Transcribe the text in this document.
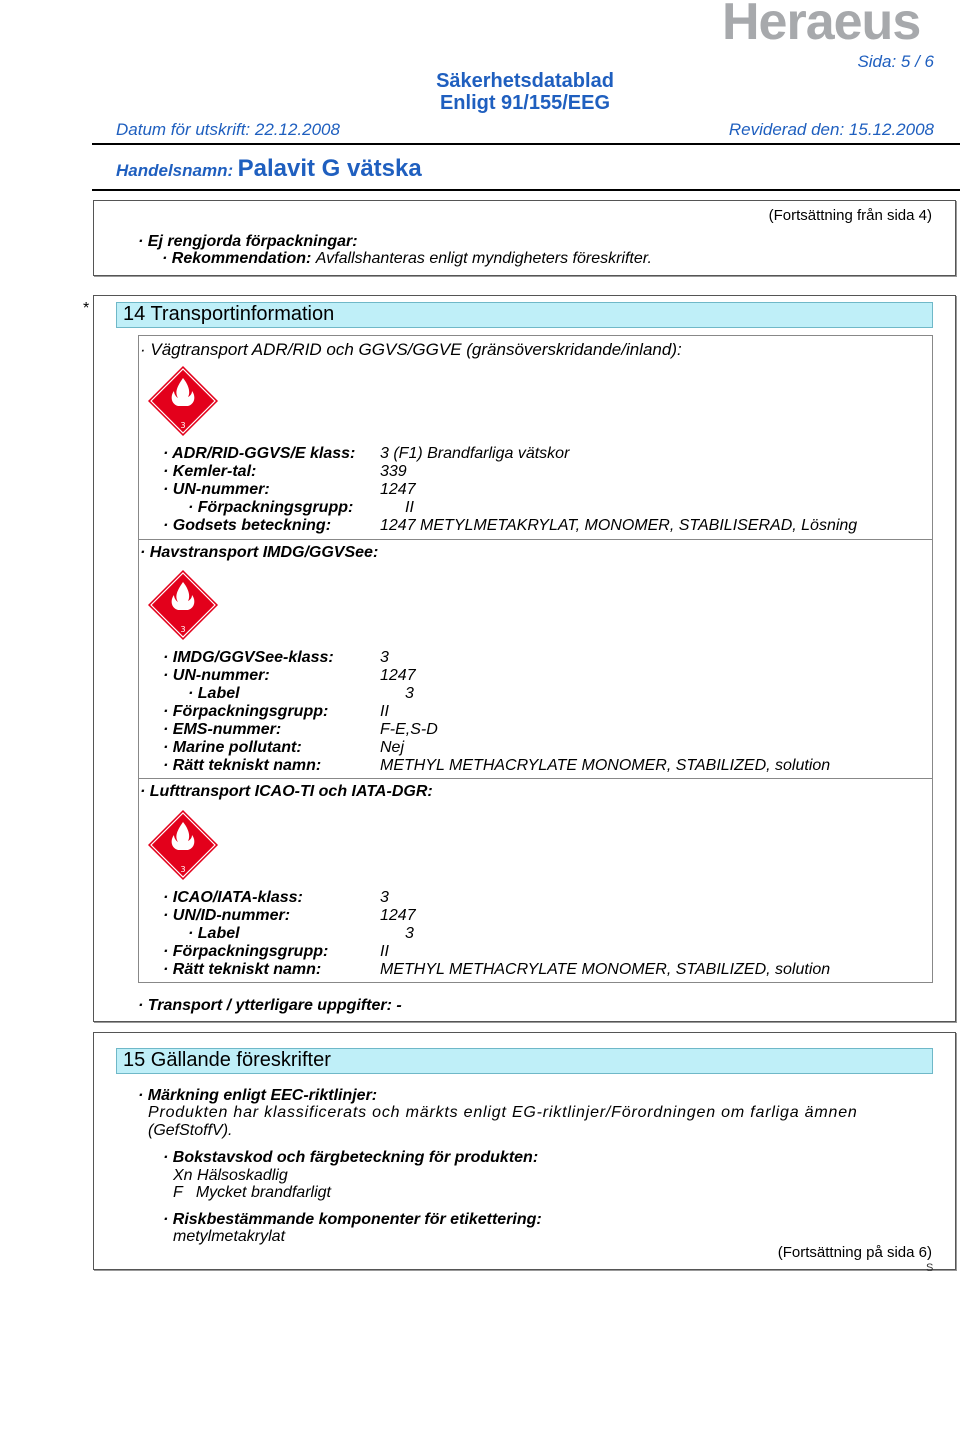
Heraeus
Sida: 5 / 6
Säkerhetsdatablad
Enligt 91/155/EEG
Datum för utskrift: 22.12.2008	Reviderad den: 15.12.2008
Handelsnamn: Palavit G vätska
(Fortsättning från sida 4)
· Ej rengjorda förpackningar:
· Rekommendation: Avfallshanteras enligt myndigheters föreskrifter.
*	14 Transportinformation
· Vägtransport ADR/RID och GGVS/GGVE (gränsöverskridande/inland):
3
· ADR/RID-GGVS/E klass: 3 (F1) Brandfarliga vätskor
· Kemler-tal:	339
· UN-nummer:	1247
· Förpackningsgrupp:	II
· Godsets beteckning:	1247 METYLMETAKRYLAT, MONOMER, STABILISERAD, Lösning
· Havstransport IMDG/GGVSee:
3
· IMDG/GGVSee-klass:	3
· UN-nummer:	1247
· Label	3
· Förpackningsgrupp:	II
· EMS-nummer:	F-E,S-D
· Marine pollutant:	Nej
· Rätt tekniskt namn:	METHYL METHACRYLATE MONOMER, STABILIZED, solution
· Lufttransport ICAO-TI och IATA-DGR:
3
· ICAO/IATA-klass:	3
· UN/ID-nummer:	1247
· Label	3
· Förpackningsgrupp:	II
· Rätt tekniskt namn:	METHYL METHACRYLATE MONOMER, STABILIZED, solution
· Transport / ytterligare uppgifter: -
15 Gällande föreskrifter
· Märkning enligt EEC-riktlinjer:
Produkten har klassificerats och märkts enligt EG-riktlinjer/Förordningen om farliga ämnen
(GefStoffV).
· Bokstavskod och färgbeteckning för produkten:
Xn Hälsoskadlig
F   Mycket brandfarligt
· Riskbestämmande komponenter för etikettering:
metylmetakrylat
(Fortsättning på sida 6)
S
